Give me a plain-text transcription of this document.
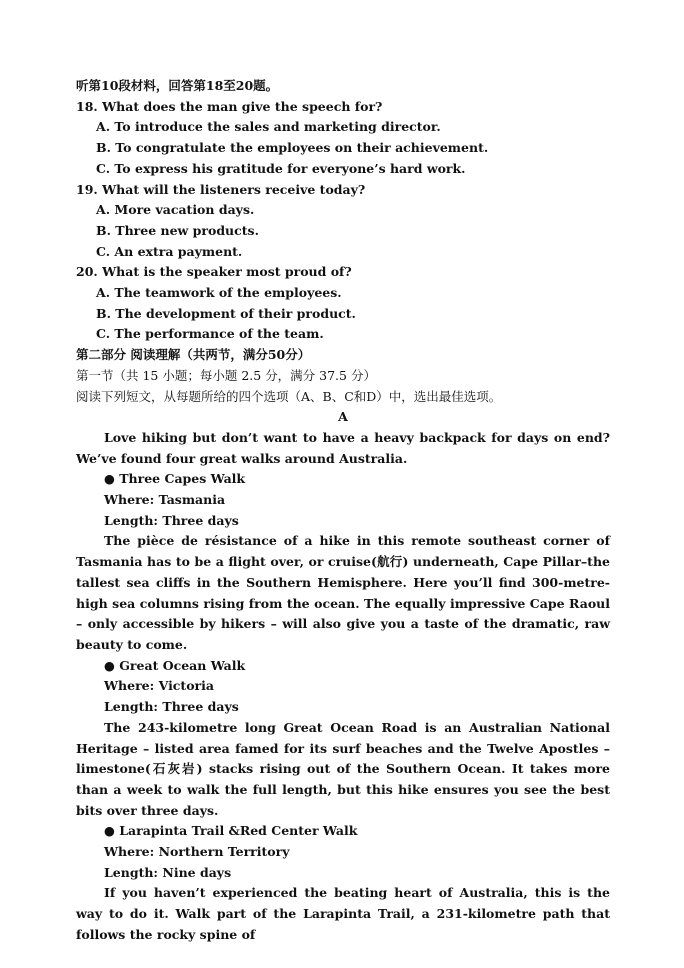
听第10段材料，回答第18至20题。
18. What does the man give the speech for?
A. To introduce the sales and marketing director.
B. To congratulate the employees on their achievement.
C. To express his gratitude for everyone’s hard work.
19. What will the listeners receive today?
A. More vacation days.
B. Three new products.
C. An extra payment.
20. What is the speaker most proud of?
A. The teamwork of the employees.
B. The development of their product.
C. The performance of the team.
第二部分 阅读理解（共两节，满分50分）
第一节（共 15 小题；每小题 2.5 分，满分 37.5 分）
阅读下列短文，从每题所给的四个选项（A、B、C和D）中，选出最佳选项。
A

Love hiking but don’t want to have a heavy backpack for days on end? We’ve found four great walks around Australia.

● Three Capes Walk
Where: Tasmania
Length: Three days

The pièce de résistance of a hike in this remote southeast corner of Tasmania has to be a flight over, or cruise(航行) underneath, Cape Pillar–the tallest sea cliffs in the Southern Hemisphere. Here you’ll find 300-metre-high sea columns rising from the ocean. The equally impressive Cape Raoul – only accessible by hikers – will also give you a taste of the dramatic, raw beauty to come.

● Great Ocean Walk
Where: Victoria
Length: Three days

The 243-kilometre long Great Ocean Road is an Australian National Heritage – listed area famed for its surf beaches and the Twelve Apostles – limestone(石灰岩) stacks rising out of the Southern Ocean. It takes more than a week to walk the full length, but this hike ensures you see the best bits over three days.

● Larapinta Trail &Red Center Walk
Where: Northern Territory
Length: Nine days

If you haven’t experienced the beating heart of Australia, this is the way to do it. Walk part of the Larapinta Trail, a 231-kilometre path that follows the rocky spine of
